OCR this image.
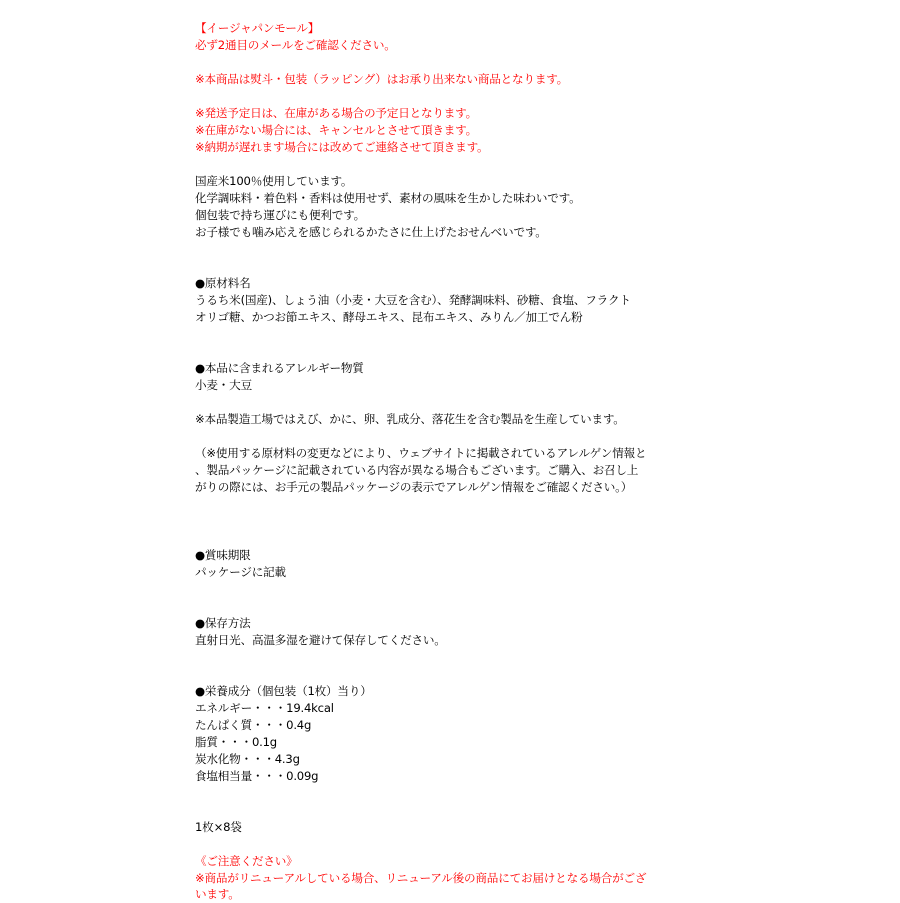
【イージャパンモール】
必ず2通目のメールをご確認ください。
※本商品は熨斗・包装（ラッピング）はお承り出来ない商品となります。
※発送予定日は、在庫がある場合の予定日となります。
※在庫がない場合には、キャンセルとさせて頂きます。
※納期が遅れます場合には改めてご連絡させて頂きます。
国産米100％使用しています。
化学調味料・着色料・香料は使用せず、素材の風味を生かした味わいです。
個包装で持ち運びにも便利です。
お子様でも噛み応えを感じられるかたさに仕上げたおせんべいです。
●原材料名
うるち米(国産)、しょう油（小麦・大豆を含む）、発酵調味料、砂糖、食塩、フラクト
オリゴ糖、かつお節エキス、酵母エキス、昆布エキス、みりん／加工でん粉
●本品に含まれるアレルギー物質
小麦・大豆
※本品製造工場ではえび、かに、卵、乳成分、落花生を含む製品を生産しています。
（※使用する原材料の変更などにより、ウェブサイトに掲載されているアレルゲン情報と
、製品パッケージに記載されている内容が異なる場合もございます。ご購入、お召し上
がりの際には、お手元の製品パッケージの表示でアレルゲン情報をご確認ください。）
●賞味期限
パッケージに記載
●保存方法
直射日光、高温多湿を避けて保存してください。
●栄養成分（個包装（1枚）当り）
エネルギー・・・19.4kcal
たんぱく質・・・0.4g
脂質・・・0.1g
炭水化物・・・4.3g
食塩相当量・・・0.09g
1枚×8袋
《ご注意ください》
※商品がリニューアルしている場合、リニューアル後の商品にてお届けとなる場合がござ
います。
